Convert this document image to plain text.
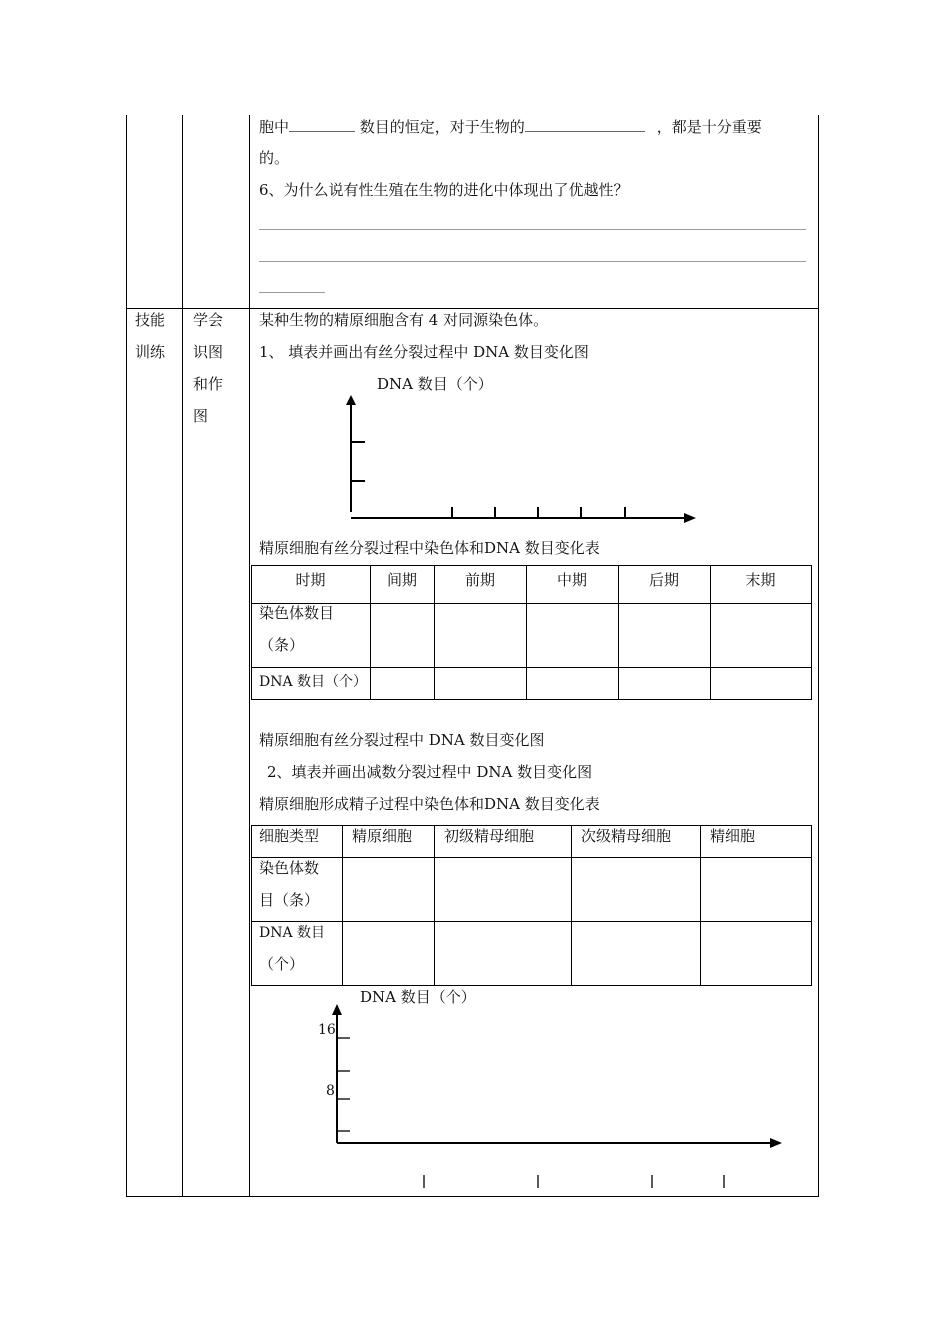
胞中	数目的恒定，对于生物的	，都是十分重要
的。
6、为什么说有性生殖在生物的进化中体现出了优越性？
技能
训练
学会
识图
和作
图
某种生物的精原细胞含有 4 对同源染色体。
1、 填表并画出有丝分裂过程中 DNA 数目变化图
DNA 数目（个）
精原细胞有丝分裂过程中染色体和DNA 数目变化表
时期	间期	前期	中期	后期	末期
染色体数目
（条）
DNA 数目（个）
精原细胞有丝分裂过程中 DNA 数目变化图
2、填表并画出减数分裂过程中 DNA 数目变化图
精原细胞形成精子过程中染色体和DNA 数目变化表
细胞类型 精原细胞 初级精母细胞	次级精母细胞	精细胞
染色体数
目（条）
DNA 数目
（个）
DNA 数目（个）
16
8
